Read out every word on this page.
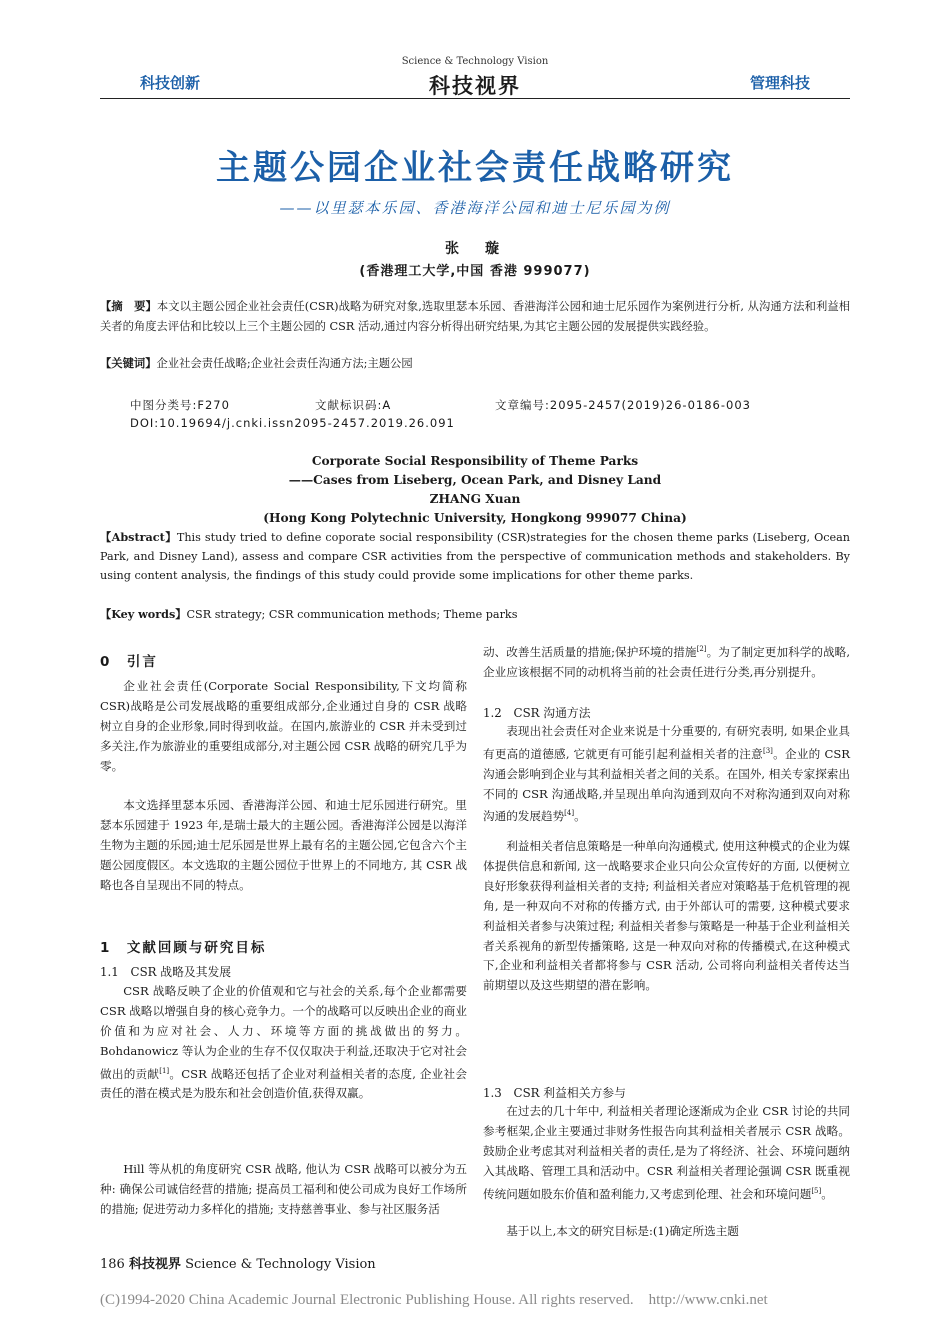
Science & Technology Vision
科技创新	科技视界	管理科技
主题公园企业社会责任战略研究
——以里瑟本乐园、香港海洋公园和迪士尼乐园为例
张　璇
(香港理工大学,中国 香港 999077)
【摘　要】本文以主题公园企业社会责任(CSR)战略为研究对象,选取里瑟本乐园、香港海洋公园和迪士尼乐园作为案例进行分析, 从沟通方法和利益相关者的角度去评估和比较以上三个主题公园的 CSR 活动,通过内容分析得出研究结果,为其它主题公园的发展提供实践经验。
【关键词】企业社会责任战略;企业社会责任沟通方法;主题公园
中图分类号:F270	文献标识码:A	文章编号:2095-2457(2019)26-0186-003
DOI:10.19694/j.cnki.issn2095-2457.2019.26.091
Corporate Social Responsibility of Theme Parks
——Cases from Liseberg, Ocean Park, and Disney Land
ZHANG Xuan
(Hong Kong Polytechnic University, Hongkong 999077 China)
【Abstract】This study tried to define coporate social responsibility (CSR)strategies for the chosen theme parks (Liseberg, Ocean Park, and Disney Land), assess and compare CSR activities from the perspective of communication methods and stakeholders. By using content analysis, the findings of this study could provide some implications for other theme parks.
【Key words】CSR strategy; CSR communication methods; Theme parks
0　引言
企业社会责任(Corporate Social Responsibility,下文均简称 CSR)战略是公司发展战略的重要组成部分,企业通过自身的 CSR 战略树立自身的企业形象,同时得到收益。在国内,旅游业的 CSR 并未受到过多关注,作为旅游业的重要组成部分,对主题公园 CSR 战略的研究几乎为零。
本文选择里瑟本乐园、香港海洋公园、和迪士尼乐园进行研究。里瑟本乐园建于 1923 年,是瑞士最大的主题公园。香港海洋公园是以海洋生物为主题的乐园;迪士尼乐园是世界上最有名的主题公园,它包含六个主题公园度假区。本文选取的主题公园位于世界上的不同地方, 其 CSR 战略也各自呈现出不同的特点。
1　文献回顾与研究目标
1.1　CSR 战略及其发展
CSR 战略反映了企业的价值观和它与社会的关系,每个企业都需要 CSR 战略以增强自身的核心竞争力。一个的战略可以反映出企业的商业价值和为应对社会、人力、环境等方面的挑战做出的努力。Bohdanowicz 等认为企业的生存不仅仅取决于利益,还取决于它对社会做出的贡献[1]。CSR 战略还包括了企业对利益相关者的态度, 企业社会责任的潜在模式是为股东和社会创造价值,获得双赢。
Hill 等从机的角度研究 CSR 战略, 他认为 CSR 战略可以被分为五种: 确保公司诚信经营的措施; 提高员工福利和使公司成为良好工作场所的措施; 促进劳动力多样化的措施; 支持慈善事业、参与社区服务活
动、改善生活质量的措施;保护环境的措施[2]。为了制定更加科学的战略, 企业应该根据不同的动机将当前的社会责任进行分类,再分别提升。
1.2　CSR 沟通方法
表现出社会责任对企业来说是十分重要的, 有研究表明, 如果企业具有更高的道德感, 它就更有可能引起利益相关者的注意[3]。企业的 CSR 沟通会影响到企业与其利益相关者之间的关系。在国外, 相关专家探索出不同的 CSR 沟通战略,并呈现出单向沟通到双向不对称沟通到双向对称沟通的发展趋势[4]。
利益相关者信息策略是一种单向沟通模式, 使用这种模式的企业为媒体提供信息和新闻, 这一战略要求企业只向公众宣传好的方面, 以便树立良好形象获得利益相关者的支持; 利益相关者应对策略基于危机管理的视角, 是一种双向不对称的传播方式, 由于外部认可的需要, 这种模式要求利益相关者参与决策过程; 利益相关者参与策略是一种基于企业利益相关者关系视角的新型传播策略, 这是一种双向对称的传播模式,在这种模式下,企业和利益相关者都将参与 CSR 活动, 公司将向利益相关者传达当前期望以及这些期望的潜在影响。
1.3　CSR 利益相关方参与
在过去的几十年中, 利益相关者理论逐渐成为企业 CSR 讨论的共同参考框架,企业主要通过非财务性报告向其利益相关者展示 CSR 战略。鼓励企业考虑其对利益相关者的责任,是为了将经济、社会、环境问题纳入其战略、管理工具和活动中。CSR 利益相关者理论强调 CSR 既重视传统问题如股东价值和盈利能力,又考虑到伦理、社会和环境问题[5]。
基于以上,本文的研究目标是:(1)确定所选主题
186 科技视界 Science & Technology Vision
(C)1994-2020 China Academic Journal Electronic Publishing House. All rights reserved.　http://www.cnki.net
